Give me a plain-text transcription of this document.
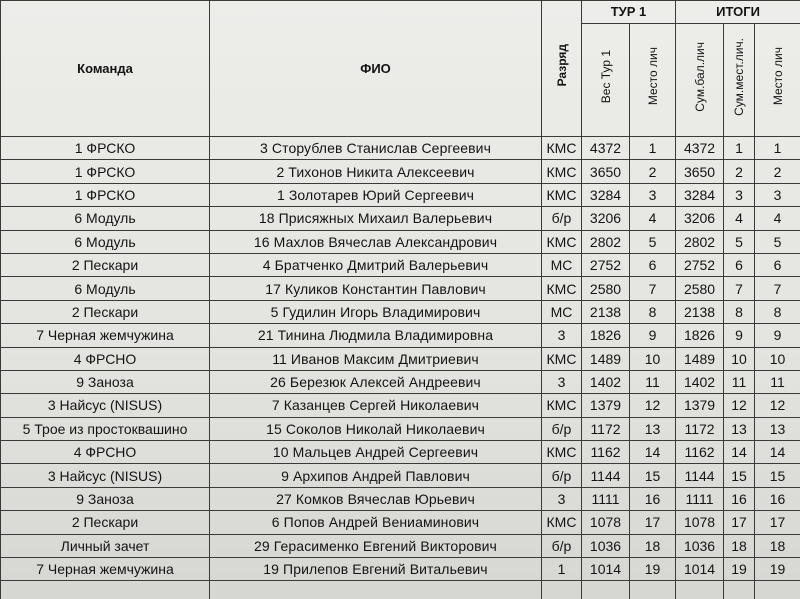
Команда	ФИО	Разряд	ТУР 1		ИТОГИ		
			Вес Тур 1	Место лич	Сум.бал.лич	Сум.мест.лич.	Место лич
1 ФРСКО	3 Сторублев Станислав Сергеевич	КМС	4372	1	4372	1	1
1 ФРСКО	2 Тихонов Никита Алексеевич	КМС	3650	2	3650	2	2
1 ФРСКО	1 Золотарев Юрий Сергеевич	КМС	3284	3	3284	3	3
6 Модуль	18 Присяжных Михаил Валерьевич	б/р	3206	4	3206	4	4
6 Модуль	16 Махлов Вячеслав Александрович	КМС	2802	5	2802	5	5
2 Пескари	4 Братченко Дмитрий Валерьевич	МС	2752	6	2752	6	6
6 Модуль	17 Куликов Константин Павлович	КМС	2580	7	2580	7	7
2 Пескари	5 Гудилин Игорь Владимирович	МС	2138	8	2138	8	8
7 Черная жемчужина	21 Тинина Людмила Владимировна	3	1826	9	1826	9	9
4 ФРСНО	11 Иванов Максим Дмитриевич	КМС	1489	10	1489	10	10
9 Заноза	26 Березюк Алексей Андреевич	3	1402	11	1402	11	11
3 Найсус (NISUS)	7 Казанцев Сергей Николаевич	КМС	1379	12	1379	12	12
5 Трое из простоквашино	15 Соколов Николай Николаевич	б/р	1172	13	1172	13	13
4 ФРСНО	10 Мальцев Андрей Сергеевич	КМС	1162	14	1162	14	14
3 Найсус (NISUS)	9 Архипов Андрей Павлович	б/р	1144	15	1144	15	15
9 Заноза	27 Комков Вячеслав Юрьевич	3	1111	16	1111	16	16
2 Пескари	6 Попов Андрей Вениаминович	КМС	1078	17	1078	17	17
Личный зачет	29 Герасименко Евгений Викторович	б/р	1036	18	1036	18	18
7 Черная жемчужина	19 Прилепов Евгений Витальевич	1	1014	19	1014	19	19
